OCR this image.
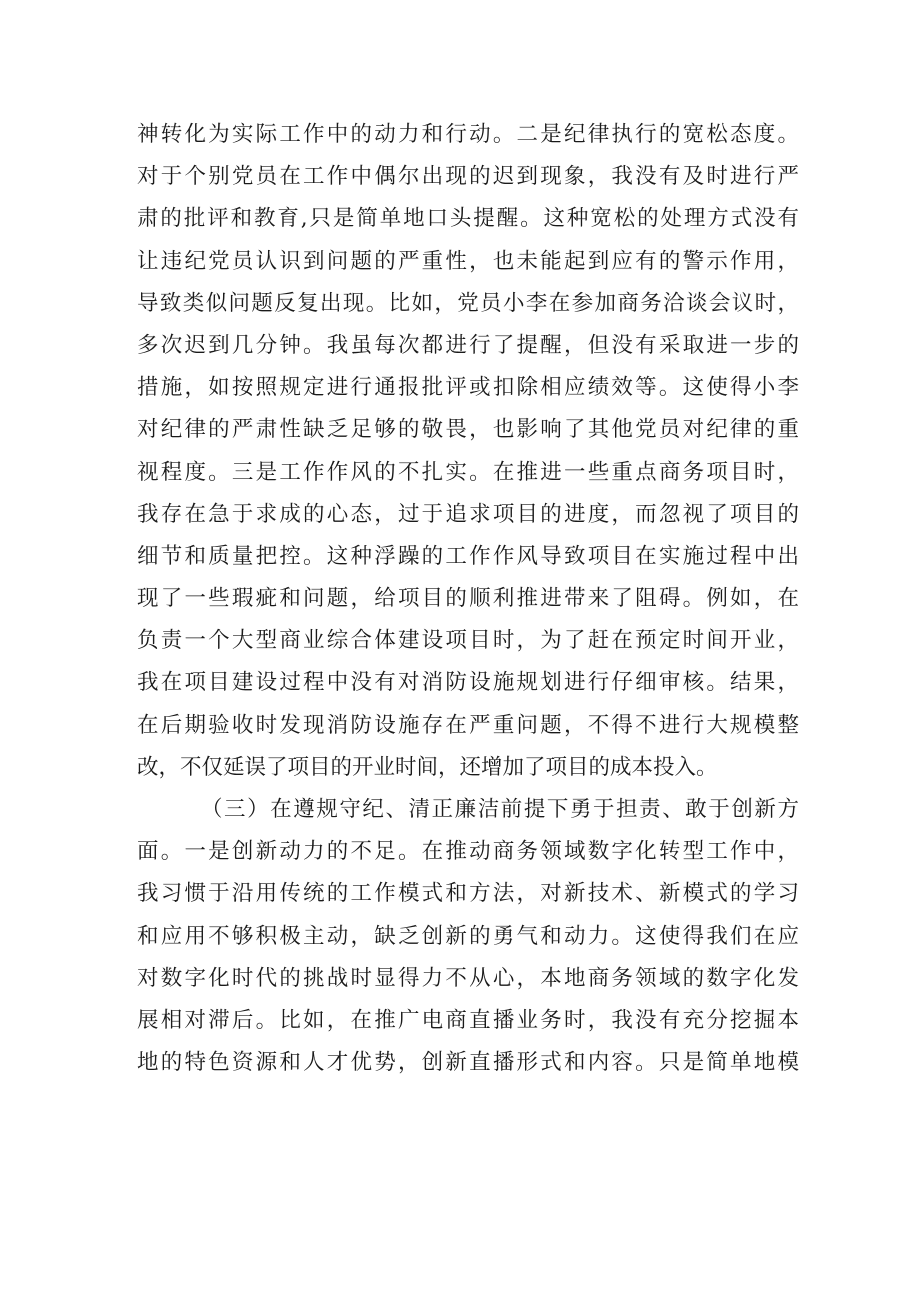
神转化为实际工作中的动力和行动。二是纪律执行的宽松态度。
对于个别党员在工作中偶尔出现的迟到现象，我没有及时进行严
肃的批评和教育,只是简单地口头提醒。这种宽松的处理方式没有
让违纪党员认识到问题的严重性，也未能起到应有的警示作用，
导致类似问题反复出现。比如，党员小李在参加商务洽谈会议时，
多次迟到几分钟。我虽每次都进行了提醒，但没有采取进一步的
措施，如按照规定进行通报批评或扣除相应绩效等。这使得小李
对纪律的严肃性缺乏足够的敬畏，也影响了其他党员对纪律的重
视程度。三是工作作风的不扎实。在推进一些重点商务项目时，
我存在急于求成的心态，过于追求项目的进度，而忽视了项目的
细节和质量把控。这种浮躁的工作作风导致项目在实施过程中出
现了一些瑕疵和问题，给项目的顺利推进带来了阻碍。例如，在
负责一个大型商业综合体建设项目时，为了赶在预定时间开业，
我在项目建设过程中没有对消防设施规划进行仔细审核。结果，
在后期验收时发现消防设施存在严重问题，不得不进行大规模整
改，不仅延误了项目的开业时间，还增加了项目的成本投入。
（三）在遵规守纪、清正廉洁前提下勇于担责、敢于创新方
面。一是创新动力的不足。在推动商务领域数字化转型工作中，
我习惯于沿用传统的工作模式和方法，对新技术、新模式的学习
和应用不够积极主动，缺乏创新的勇气和动力。这使得我们在应
对数字化时代的挑战时显得力不从心，本地商务领域的数字化发
展相对滞后。比如，在推广电商直播业务时，我没有充分挖掘本
地的特色资源和人才优势，创新直播形式和内容。只是简单地模
